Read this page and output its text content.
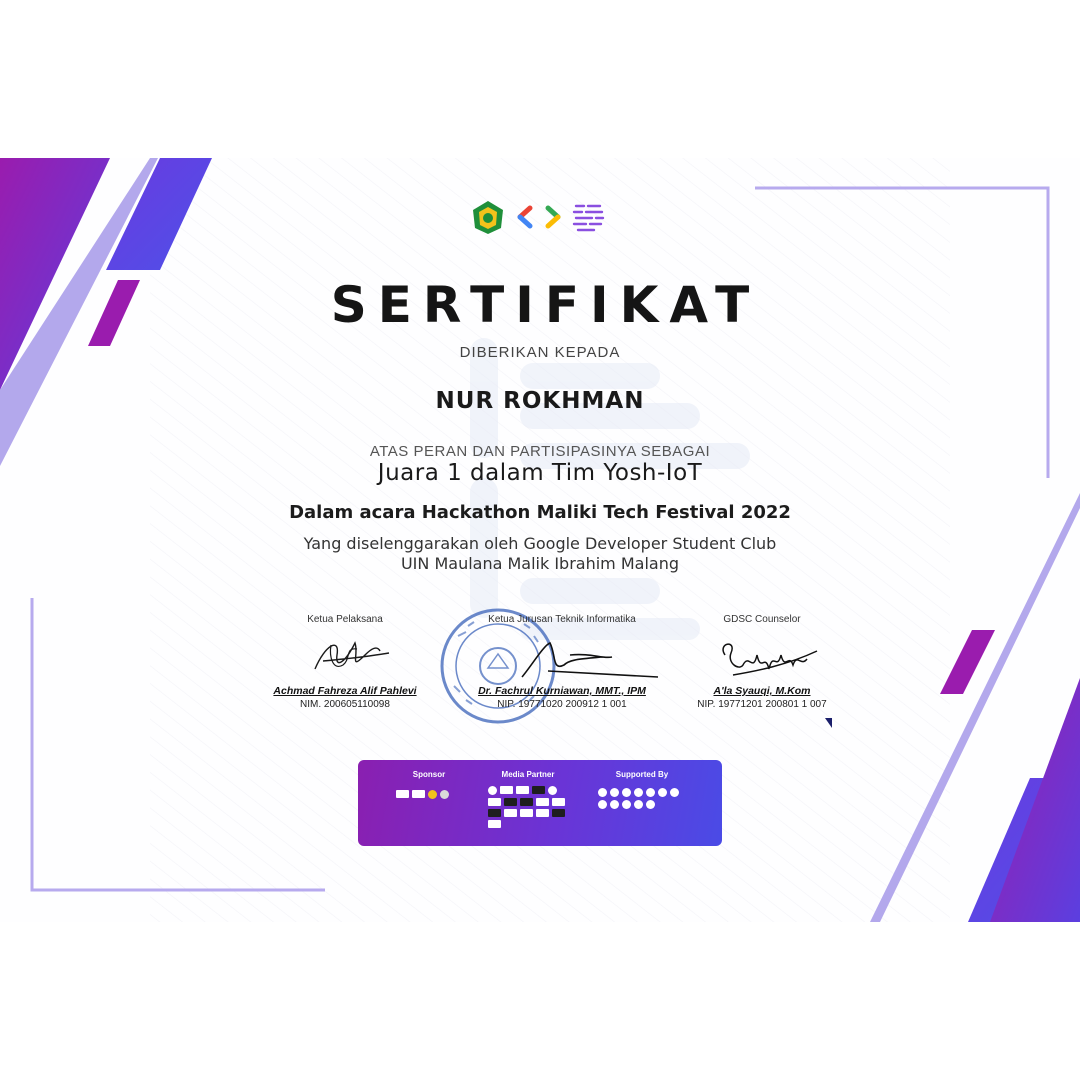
SERTIFIKAT
DIBERIKAN KEPADA
NUR ROKHMAN
ATAS PERAN DAN PARTISIPASINYA SEBAGAI
Juara 1 dalam Tim Yosh-IoT
Dalam acara Hackathon Maliki Tech Festival 2022
Yang diselenggarakan oleh Google Developer Student Club
UIN Maulana Malik Ibrahim Malang
Ketua Pelaksana
Achmad Fahreza Alif Pahlevi
NIM. 200605110098
Ketua Jurusan Teknik Informatika
Dr. Fachrul Kurniawan, MMT., IPM
NIP. 19771020 200912 1 001
GDSC Counselor
A'la Syauqi, M.Kom
NIP. 19771201 200801 1 007
Sponsor	Media Partner	Supported By
